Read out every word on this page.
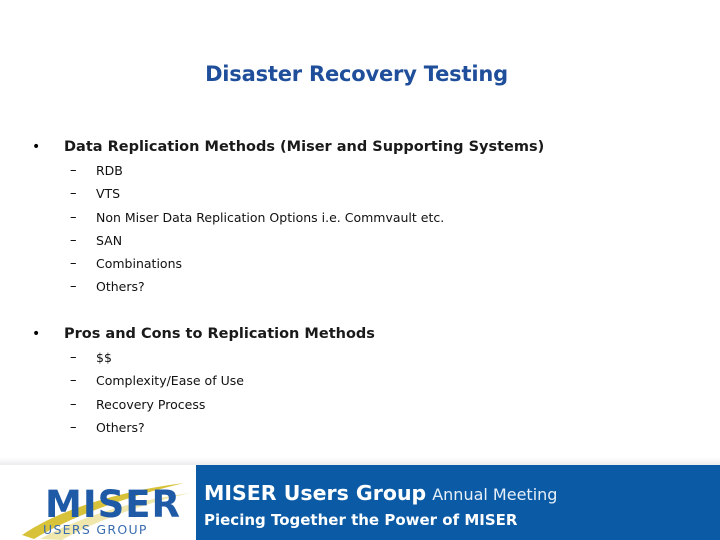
Disaster Recovery Testing
• Data Replication Methods (Miser and Supporting Systems)
– RDB
– VTS
– Non Miser Data Replication Options i.e. Commvault etc.
– SAN
– Combinations
– Others?
• Pros and Cons to Replication Methods
– $$
– Complexity/Ease of Use
– Recovery Process
– Others?
MISER
USERS GROUP
MISER Users Group Annual Meeting
Piecing Together the Power of MISER
